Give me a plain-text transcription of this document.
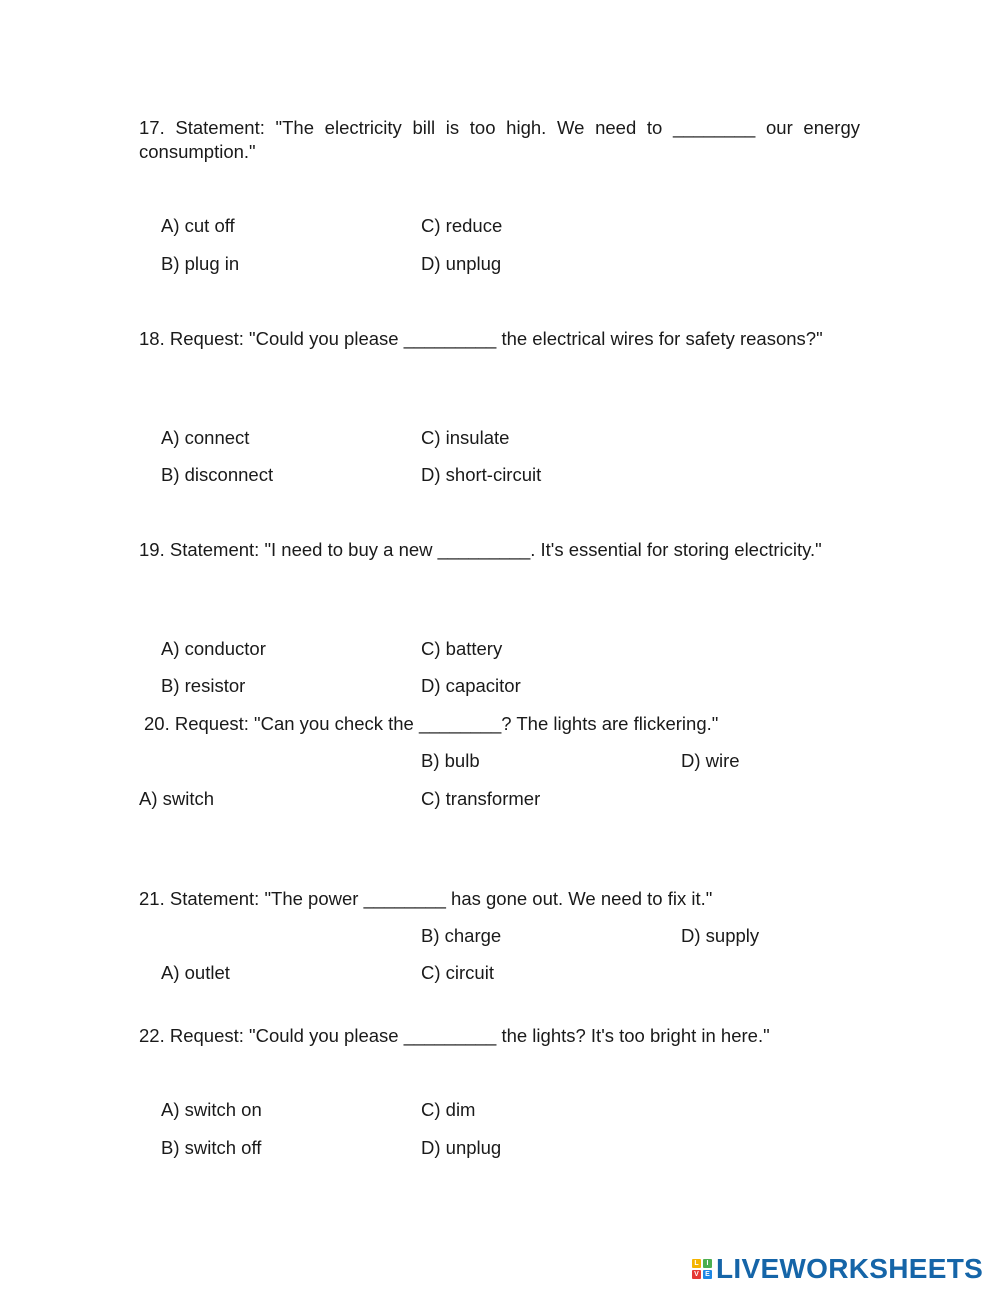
17. Statement: "The electricity bill is too high. We need to ________ our energy consumption."
A) cut off	C) reduce
B) plug in	D) unplug
18. Request: "Could you please _________ the electrical wires for safety reasons?"
A) connect	C) insulate
B) disconnect	D) short-circuit
19. Statement: "I need to buy a new _________. It's essential for storing electricity."
A) conductor	C) battery
B) resistor	D) capacitor
20. Request: "Can you check the ________? The lights are flickering."
B) bulb	D) wire
A) switch	C) transformer
21. Statement: "The power ________ has gone out. We need to fix it."
B) charge	D) supply
A) outlet	C) circuit
22. Request: "Could you please _________ the lights? It's too bright in here."
A) switch on	C) dim
B) switch off	D) unplug
L	I
V E LIVEWORKSHEETS
